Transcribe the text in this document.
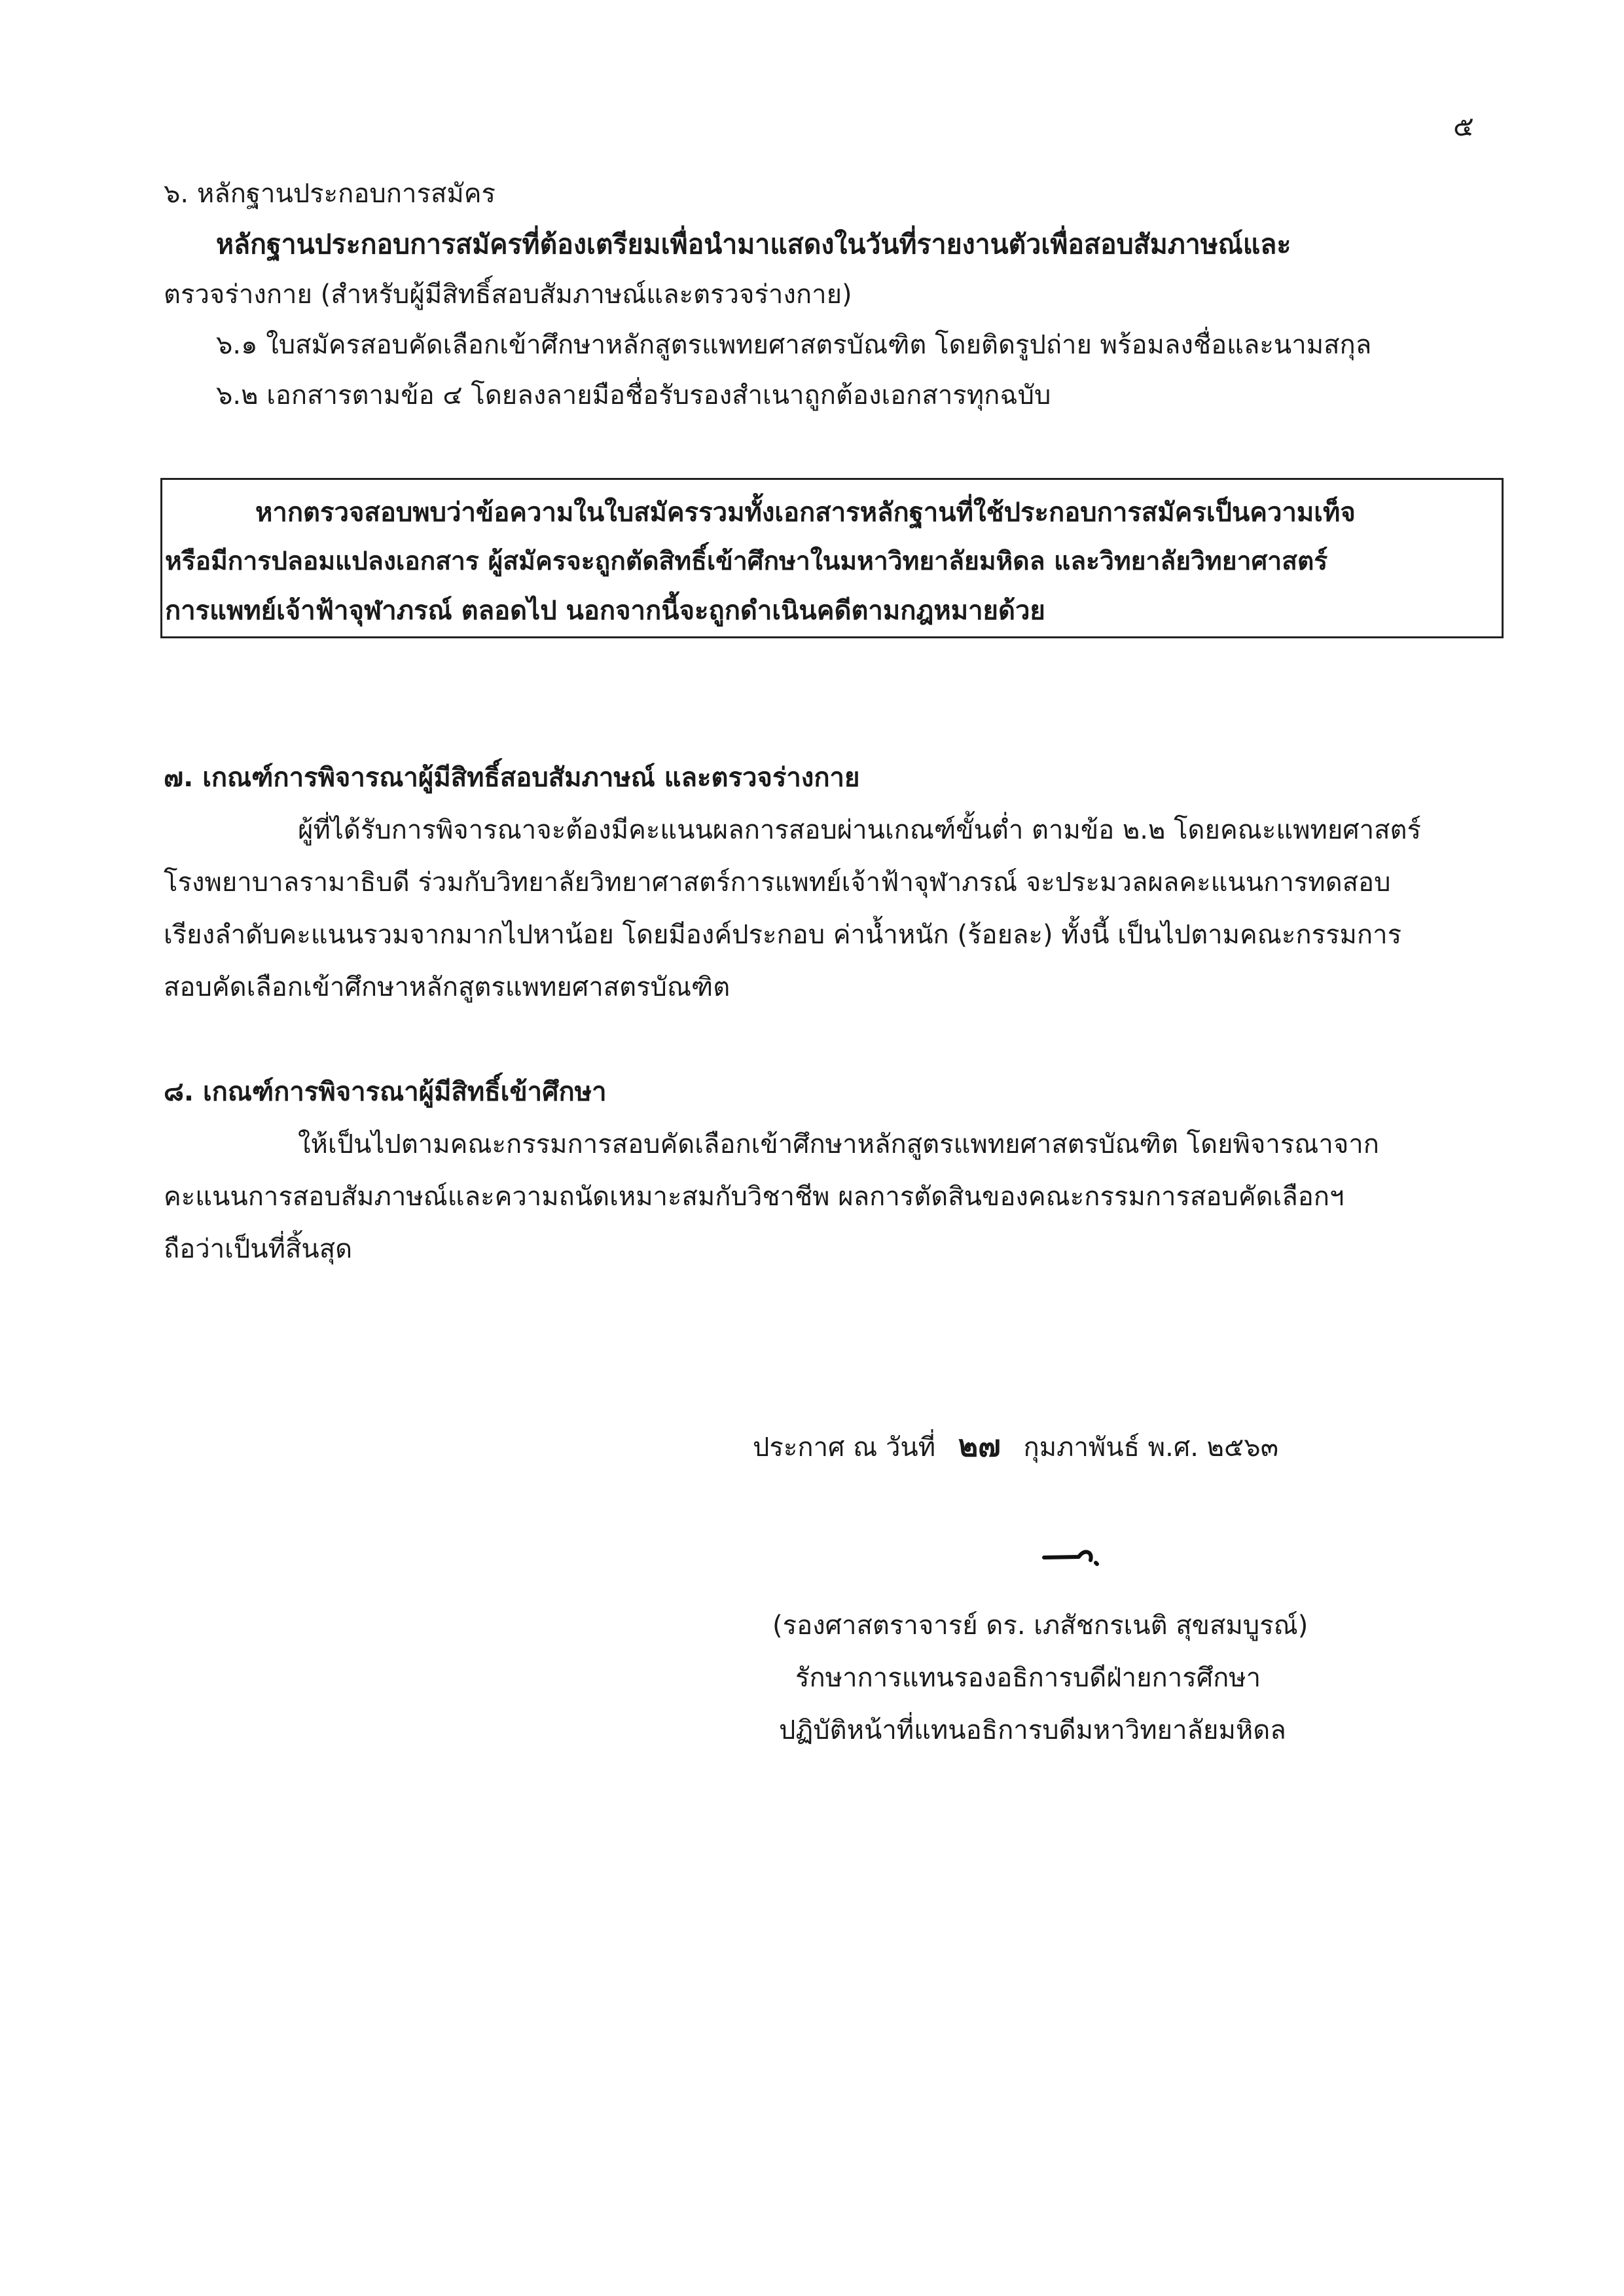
๕
๖. หลักฐานประกอบการสมัคร
หลักฐานประกอบการสมัครที่ต้องเตรียมเพื่อนำมาแสดงในวันที่รายงานตัวเพื่อสอบสัมภาษณ์และ
ตรวจร่างกาย (สำหรับผู้มีสิทธิ์สอบสัมภาษณ์และตรวจร่างกาย)
๖.๑ ใบสมัครสอบคัดเลือกเข้าศึกษาหลักสูตรแพทยศาสตรบัณฑิต โดยติดรูปถ่าย พร้อมลงชื่อและนามสกุล
๖.๒ เอกสารตามข้อ ๔ โดยลงลายมือชื่อรับรองสำเนาถูกต้องเอกสารทุกฉบับ
หากตรวจสอบพบว่าข้อความในใบสมัครรวมทั้งเอกสารหลักฐานที่ใช้ประกอบการสมัครเป็นความเท็จ
หรือมีการปลอมแปลงเอกสาร ผู้สมัครจะถูกตัดสิทธิ์เข้าศึกษาในมหาวิทยาลัยมหิดล และวิทยาลัยวิทยาศาสตร์
การแพทย์เจ้าฟ้าจุฬาภรณ์ ตลอดไป นอกจากนี้จะถูกดำเนินคดีตามกฎหมายด้วย
๗. เกณฑ์การพิจารณาผู้มีสิทธิ์สอบสัมภาษณ์ และตรวจร่างกาย
ผู้ที่ได้รับการพิจารณาจะต้องมีคะแนนผลการสอบผ่านเกณฑ์ขั้นต่ำ ตามข้อ ๒.๒ โดยคณะแพทยศาสตร์
โรงพยาบาลรามาธิบดี ร่วมกับวิทยาลัยวิทยาศาสตร์การแพทย์เจ้าฟ้าจุฬาภรณ์ จะประมวลผลคะแนนการทดสอบ
เรียงลำดับคะแนนรวมจากมากไปหาน้อย โดยมีองค์ประกอบ ค่าน้ำหนัก (ร้อยละ) ทั้งนี้ เป็นไปตามคณะกรรมการ
สอบคัดเลือกเข้าศึกษาหลักสูตรแพทยศาสตรบัณฑิต
๘. เกณฑ์การพิจารณาผู้มีสิทธิ์เข้าศึกษา
ให้เป็นไปตามคณะกรรมการสอบคัดเลือกเข้าศึกษาหลักสูตรแพทยศาสตรบัณฑิต โดยพิจารณาจาก
คะแนนการสอบสัมภาษณ์และความถนัดเหมาะสมกับวิชาชีพ ผลการตัดสินของคณะกรรมการสอบคัดเลือกฯ
ถือว่าเป็นที่สิ้นสุด
ประกาศ ณ วันที่ ๒๗ กุมภาพันธ์ พ.ศ. ๒๕๖๓
(รองศาสตราจารย์ ดร. เภสัชกรเนติ สุขสมบูรณ์)
รักษาการแทนรองอธิการบดีฝ่ายการศึกษา
ปฏิบัติหน้าที่แทนอธิการบดีมหาวิทยาลัยมหิดล
